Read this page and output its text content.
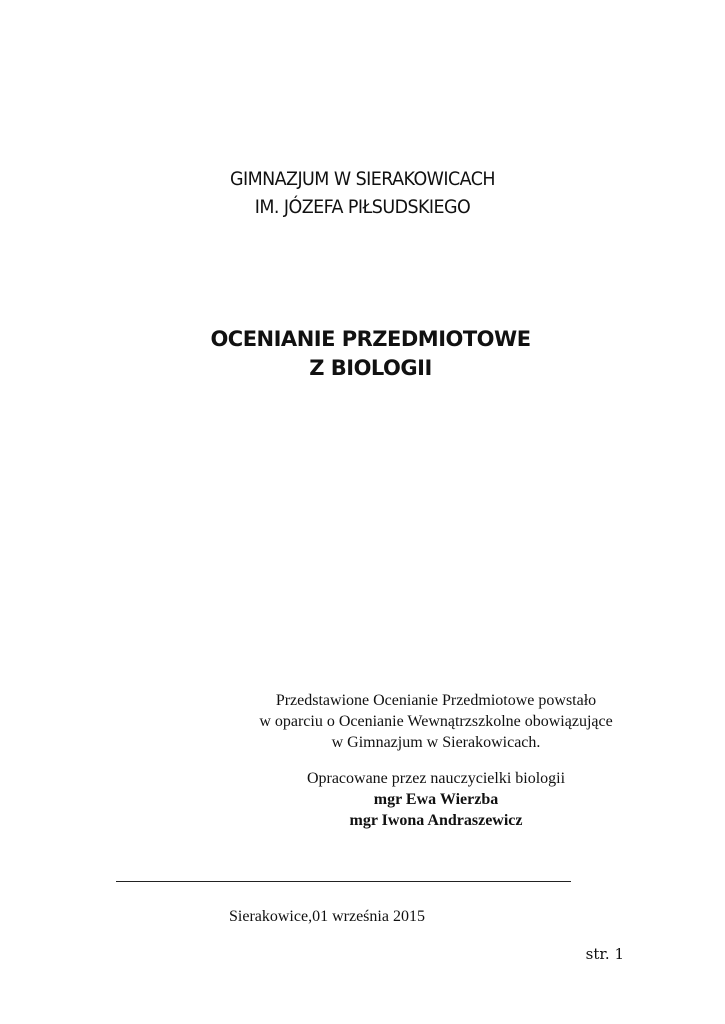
GIMNAZJUM W SIERAKOWICACH
IM. JÓZEFA PIŁSUDSKIEGO
OCENIANIE PRZEDMIOTOWE
Z BIOLOGII
Przedstawione Ocenianie Przedmiotowe powstało
w oparciu o Ocenianie Wewnątrzszkolne obowiązujące
w Gimnazjum w Sierakowicach.
Opracowane przez nauczycielki biologii
mgr Ewa Wierzba
mgr Iwona Andraszewicz
Sierakowice,01 września 2015
str. 1
